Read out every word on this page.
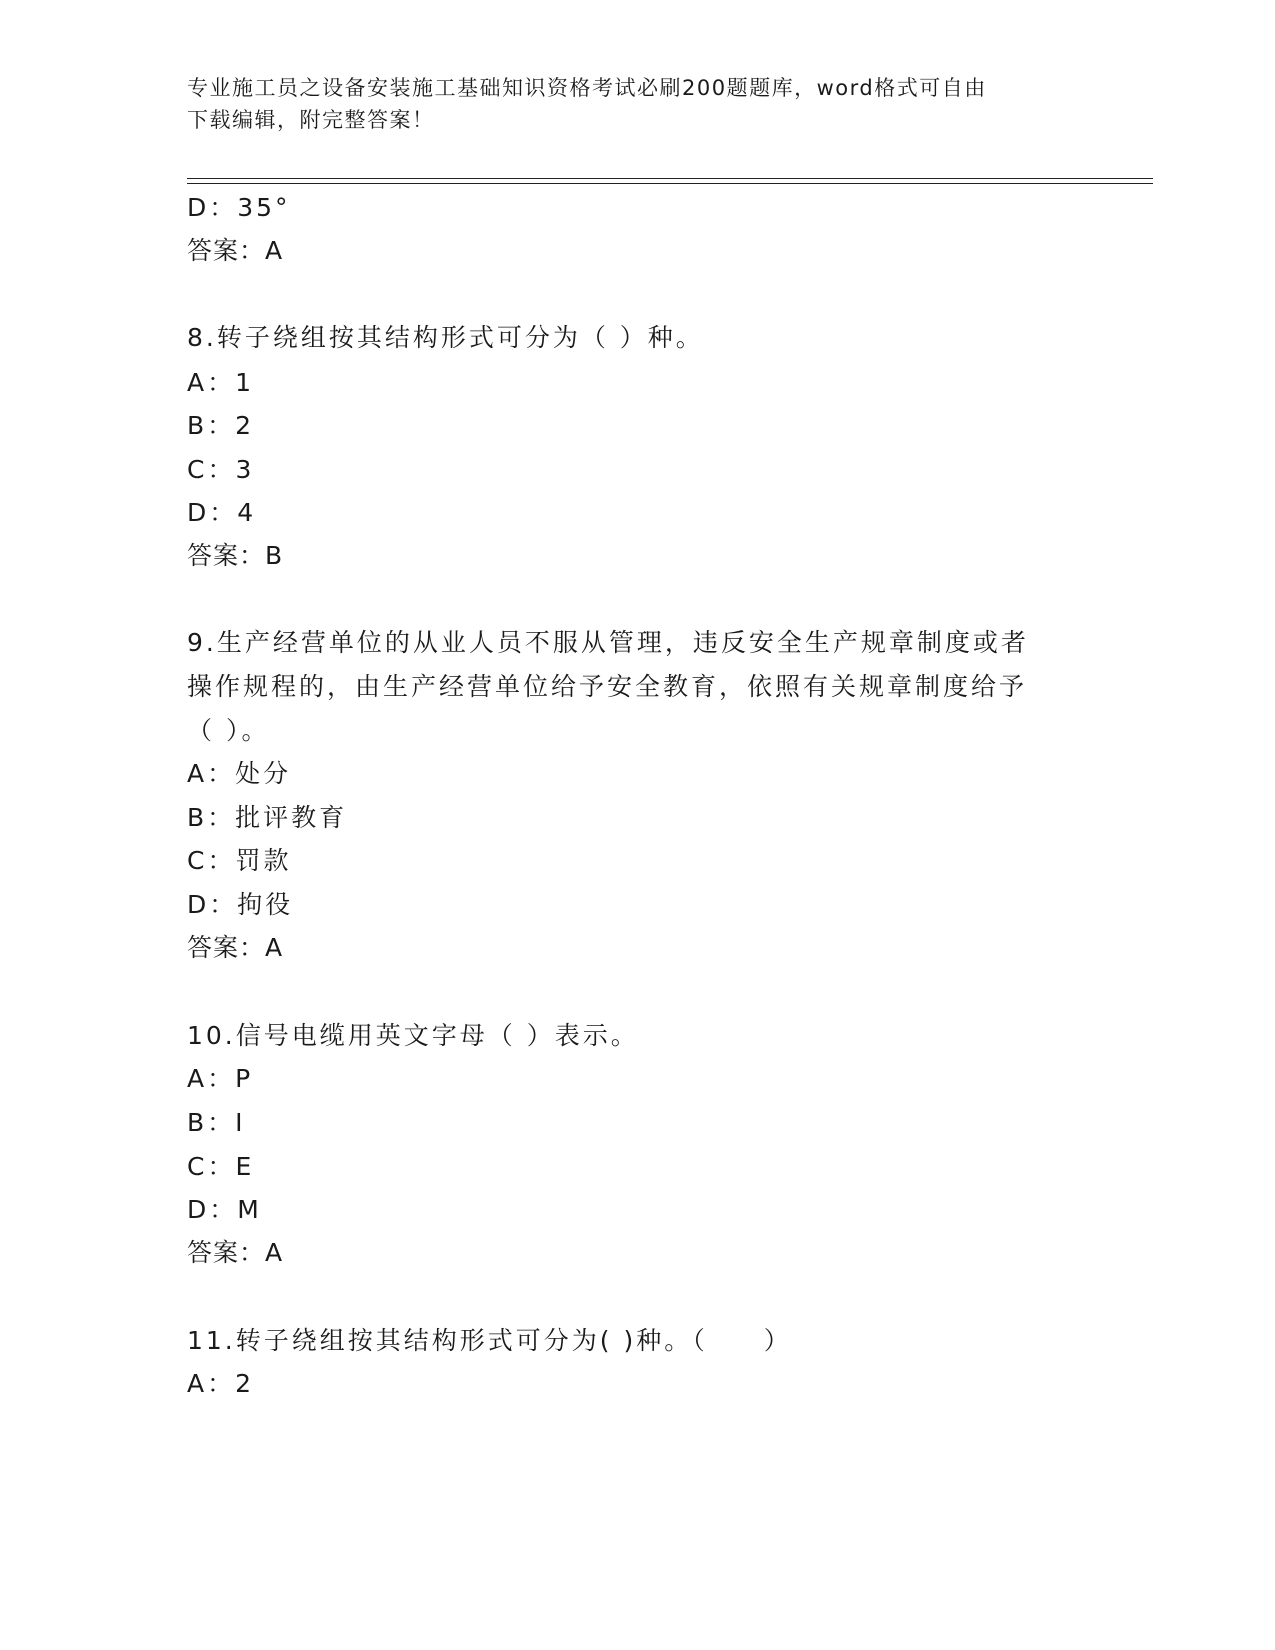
专业施工员之设备安装施工基础知识资格考试必刷200题题库，word格式可自由
下载编辑，附完整答案！
D：35°
答案：A
8.转子绕组按其结构形式可分为（ ）种。
A：1
B：2
C：3
D：4
答案：B
9.生产经营单位的从业人员不服从管理，违反安全生产规章制度或者
操作规程的，由生产经营单位给予安全教育，依照有关规章制度给予
（ ）。
A：处分
B：批评教育
C：罚款
D：拘役
答案：A
10.信号电缆用英文字母（ ）表示。
A：P
B：I
C：E
D：M
答案：A
11.转子绕组按其结构形式可分为( )种。（　　）
A：2
